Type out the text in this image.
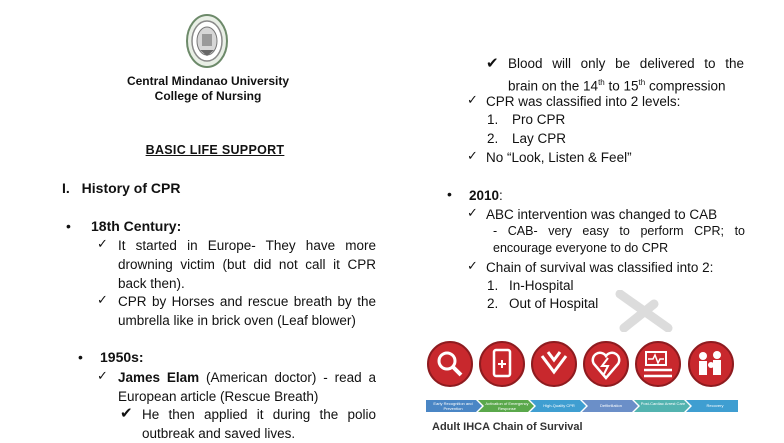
Central Mindanao University
College of Nursing
BASIC LIFE SUPPORT
I. History of CPR
• 18th Century:
✓ It started in Europe- They have more drowning victim (but did not call it CPR back then).
✓ CPR by Horses and rescue breath by the umbrella like in brick oven (Leaf blower)
• 1950s:
✓ James Elam (American doctor) - read a European article (Rescue Breath)
✔ He then applied it during the polio outbreak and saved lives.
✔ Blood will only be delivered to the
brain on the 14th to 15th compression
✓ CPR was classified into 2 levels:
1. Pro CPR
2. Lay CPR
✓ No “Look, Listen & Feel”
• 2010:
✓ ABC intervention was changed to CAB
- CAB- very easy to perform CPR; to
encourage everyone to do CPR
✓ Chain of survival was classified into 2:
1. In-Hospital
2. Out of Hospital
Early Recognition and Prevention
Activation of Emergency Response
High-Quality CPR	Defibrillation	Post-Cardiac Arrest Care	Recovery
Adult IHCA Chain of Survival
